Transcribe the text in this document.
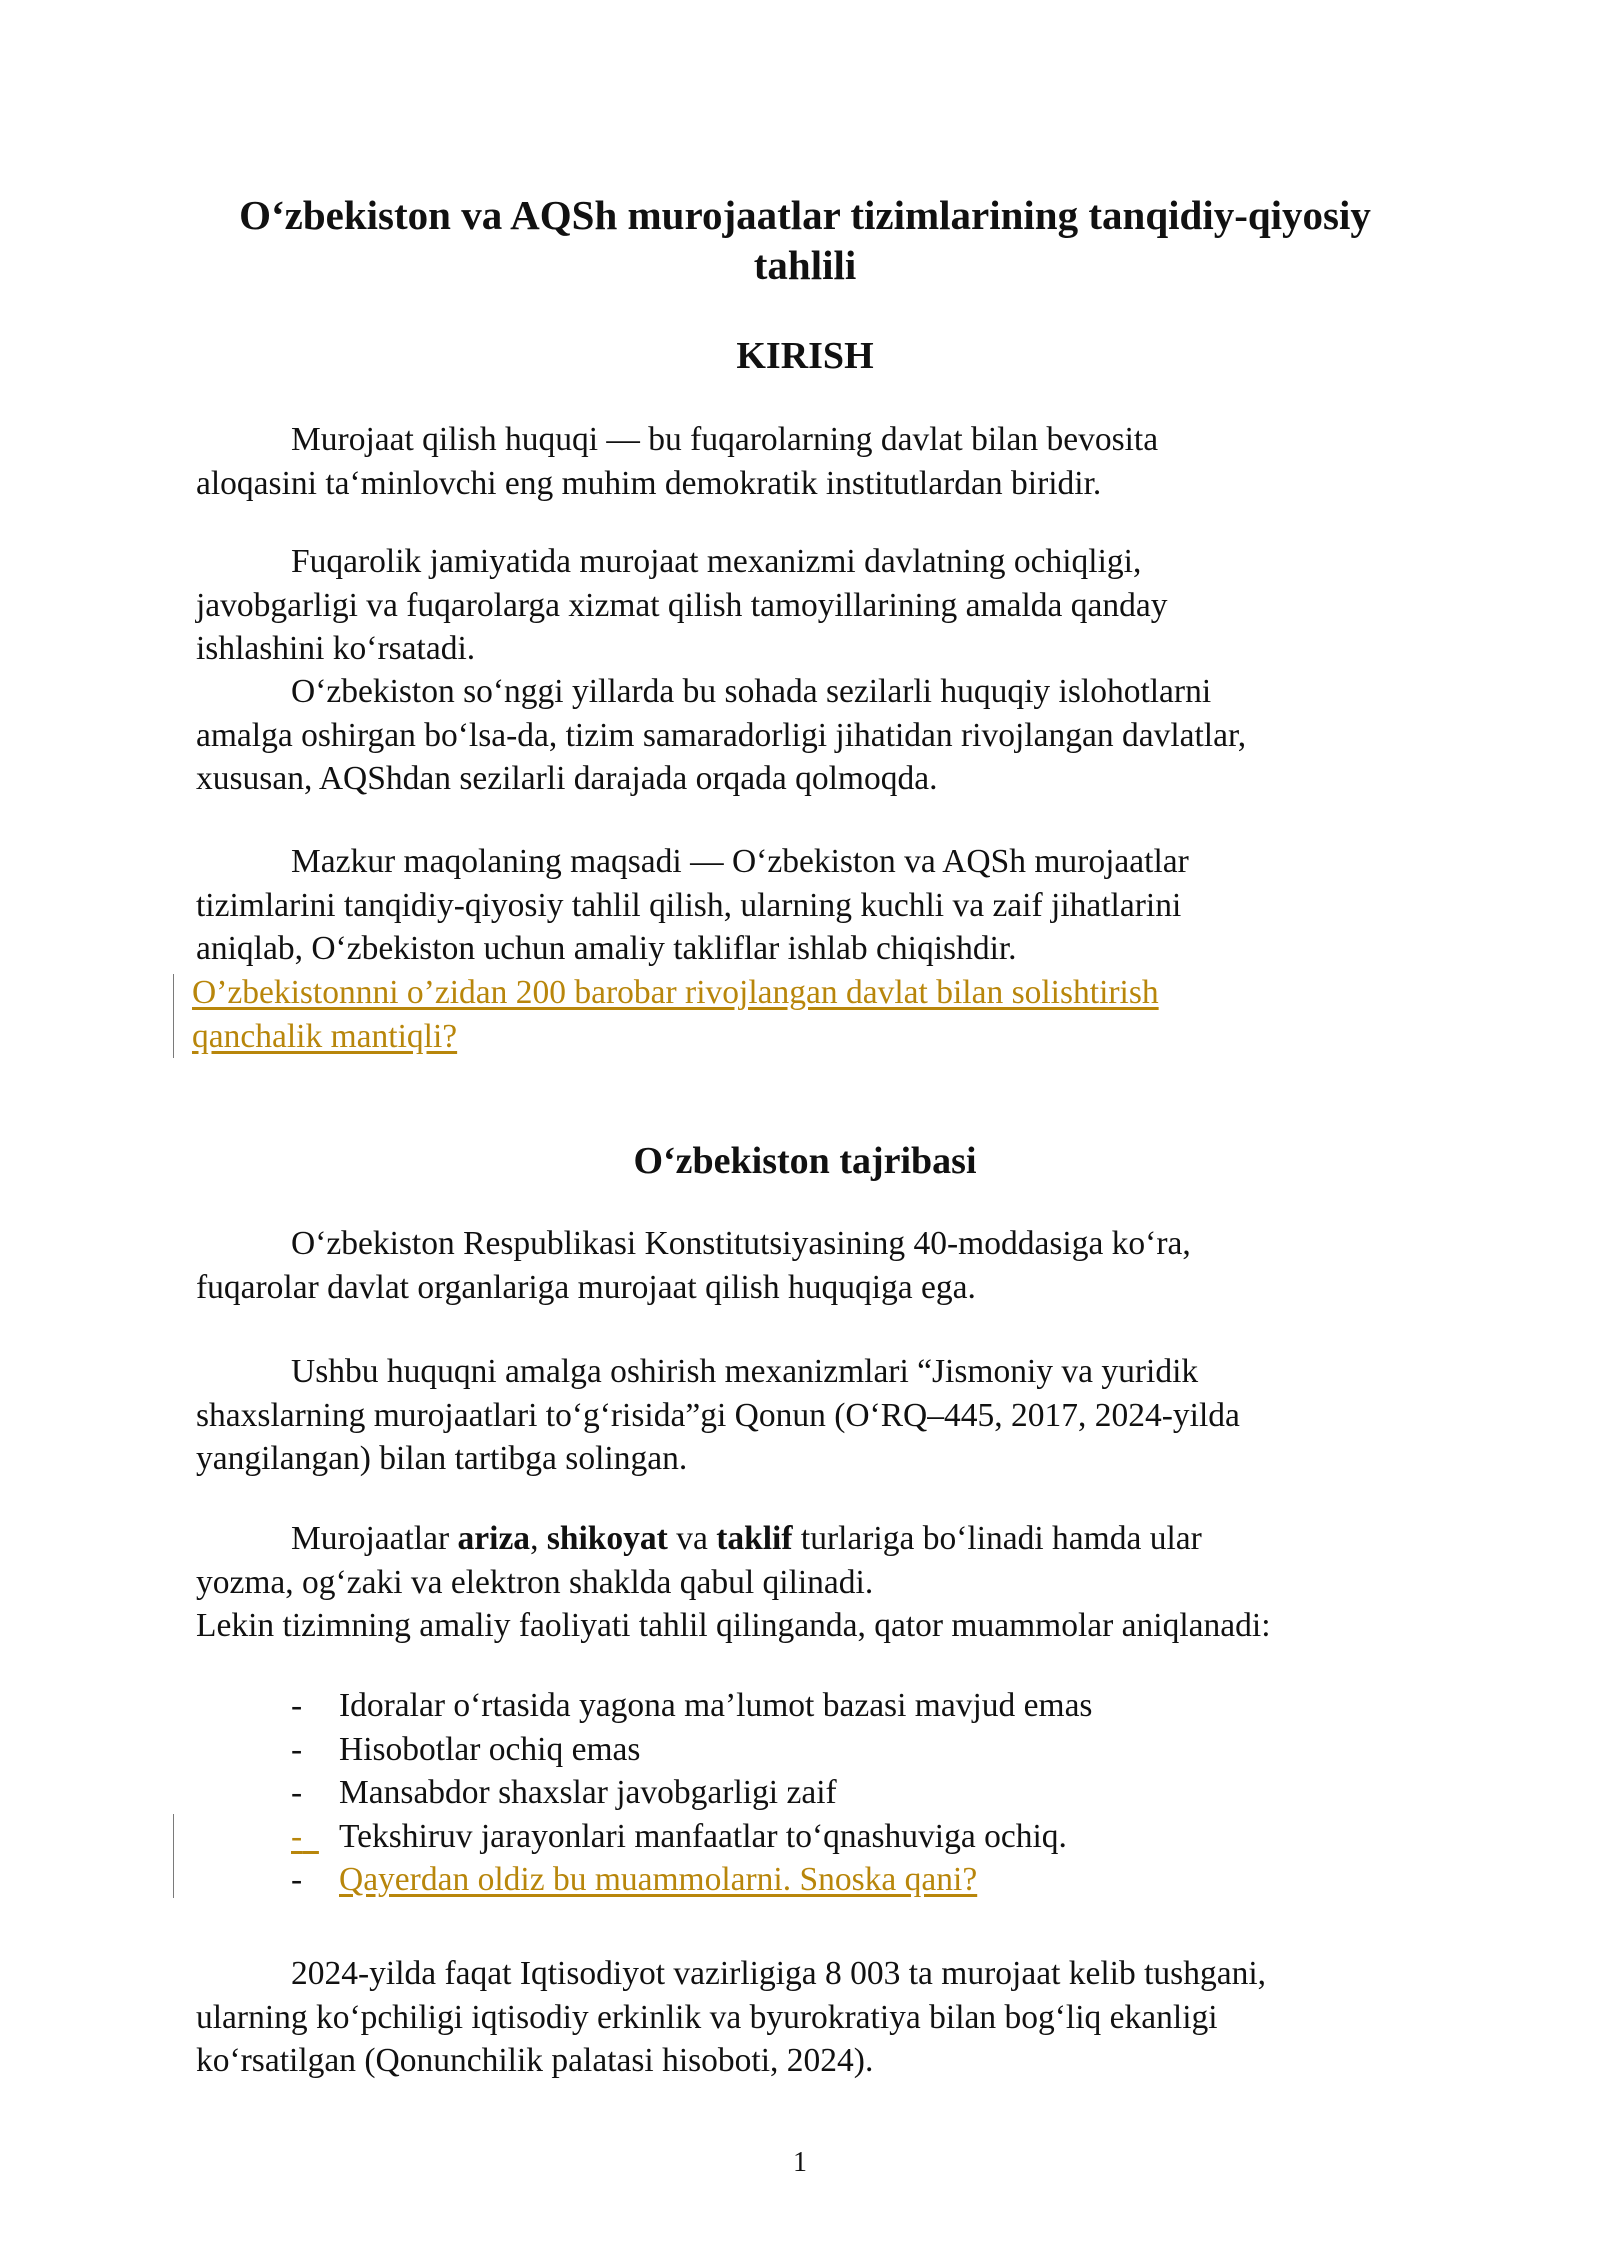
O‘zbekiston va AQSh murojaatlar tizimlarining tanqidiy-qiyosiy
tahlili
KIRISH

Murojaat qilish huquqi — bu fuqarolarning davlat bilan bevosita
aloqasini ta‘minlovchi eng muhim demokratik institutlardan biridir.

Fuqarolik jamiyatida murojaat mexanizmi davlatning ochiqligi,
javobgarligi va fuqarolarga xizmat qilish tamoyillarining amalda qanday
ishlashini ko‘rsatadi.

O‘zbekiston so‘nggi yillarda bu sohada sezilarli huquqiy islohotlarni
amalga oshirgan bo‘lsa-da, tizim samaradorligi jihatidan rivojlangan davlatlar,
xususan, AQShdan sezilarli darajada orqada qolmoqda.

Mazkur maqolaning maqsadi — O‘zbekiston va AQSh murojaatlar
tizimlarini tanqidiy-qiyosiy tahlil qilish, ularning kuchli va zaif jihatlarini
aniqlab, O‘zbekiston uchun amaliy takliflar ishlab chiqishdir.

O’zbekistonnni o’zidan 200 barobar rivojlangan davlat bilan solishtirish
qanchalik mantiqli?

O‘zbekiston tajribasi

O‘zbekiston Respublikasi Konstitutsiyasining 40-moddasiga ko‘ra,
fuqarolar davlat organlariga murojaat qilish huquqiga ega.

Ushbu huquqni amalga oshirish mexanizmlari “Jismoniy va yuridik
shaxslarning murojaatlari to‘g‘risida”gi Qonun (O‘RQ–445, 2017, 2024-yilda
yangilangan) bilan tartibga solingan.

Murojaatlar ariza, shikoyat va taklif turlariga bo‘linadi hamda ular
yozma, og‘zaki va elektron shaklda qabul qilinadi.
Lekin tizimning amaliy faoliyati tahlil qilinganda, qator muammolar aniqlanadi:

- Idoralar o‘rtasida yagona ma’lumot bazasi mavjud emas
- Hisobotlar ochiq emas
- Mansabdor shaxslar javobgarligi zaif
- Tekshiruv jarayonlari manfaatlar to‘qnashuviga ochiq.
- Qayerdan oldiz bu muammolarni. Snoska qani?

2024-yilda faqat Iqtisodiyot vazirligiga 8 003 ta murojaat kelib tushgani,
ularning ko‘pchiligi iqtisodiy erkinlik va byurokratiya bilan bog‘liq ekanligi
ko‘rsatilgan (Qonunchilik palatasi hisoboti, 2024).

1
